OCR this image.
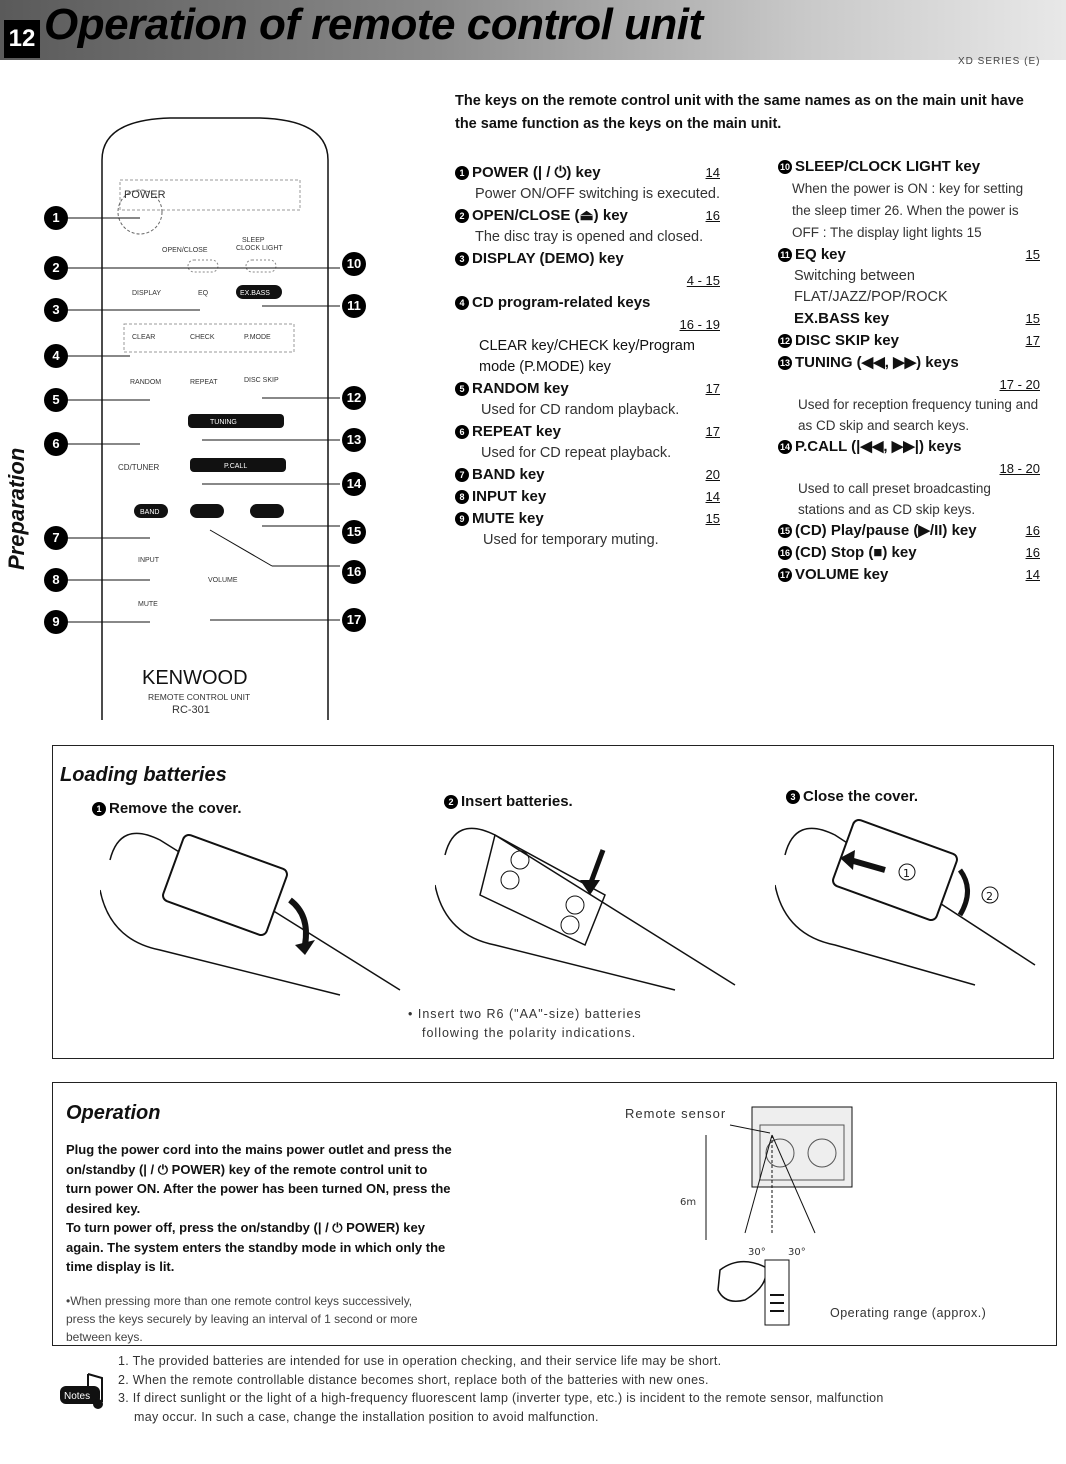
12 Operation of remote control unit
XD SERIES (E)
Preparation
POWER
OPEN/CLOSE
SLEEP
CLOCK LIGHT
DISPLAY	EQ	EX.BASS
CLEAR	CHECK	P.MODE
RANDOM	REPEAT	DISC SKIP
TUNING
CD/TUNER	P.CALL
BAND
INPUT
VOLUME
MUTE
KENWOOD
REMOTE CONTROL UNIT
RC-301
1
2
3
4
5
6
7
8
9
10
11
12
13
14
15
16
17
The keys on the remote control unit with the same names as on the main unit have the same function as the keys on the main unit.
1 POWER (| / ⏻) key	14
Power ON/OFF switching is executed.
2 OPEN/CLOSE (⏏) key	16
The disc tray is opened and closed.
3 DISPLAY (DEMO) key
4 - 15
4 CD program-related keys
16 - 19
CLEAR key/CHECK key/Program mode (P.MODE) key
5 RANDOM key	17
Used for CD random playback.
6 REPEAT key	17
Used for CD repeat playback.
7 BAND key	20
8 INPUT key	14
9 MUTE key	15
Used for temporary muting.
10 SLEEP/CLOCK LIGHT key
When the power is ON : key for setting the sleep timer 26. When the power is OFF : The display light lights 15
11 EQ key	15
Switching between FLAT/JAZZ/POP/ROCK
EX.BASS key	15
12 DISC SKIP key	17
13 TUNING (◀◀, ▶▶) keys
17 - 20
Used for reception frequency tuning and as CD skip and search keys.
14 P.CALL (|◀◀, ▶▶|) keys
18 - 20
Used to call preset broadcasting stations and as CD skip keys.
15 (CD) Play/pause (▶/II) key	16
16 (CD) Stop (■) key	16
17 VOLUME key	14
Loading batteries
1 Remove the cover.	2 Insert batteries.	3 Close the cover.
1
2
• Insert two R6 ("AA"-size) batteries
following the polarity indications.
Operation
Plug the power cord into the mains power outlet and press the
on/standby (| / ⏻ POWER) key of the remote control unit to
turn power ON. After the power has been turned ON, press the
desired key.
To turn power off, press the on/standby (| / ⏻ POWER) key
again. The system enters the standby mode in which only the
time display is lit.
•When pressing more than one remote control keys successively,
press the keys securely by leaving an interval of 1 second or more
between keys.
Remote sensor
6m
30° 30°
Operating range (approx.)
Notes
1. The provided batteries are intended for use in operation checking, and their service life may be short.
2. When the remote controllable distance becomes short, replace both of the batteries with new ones.
3. If direct sunlight or the light of a high-frequency fluorescent lamp (inverter type, etc.) is incident to the remote sensor, malfunction
may occur. In such a case, change the installation position to avoid malfunction.
